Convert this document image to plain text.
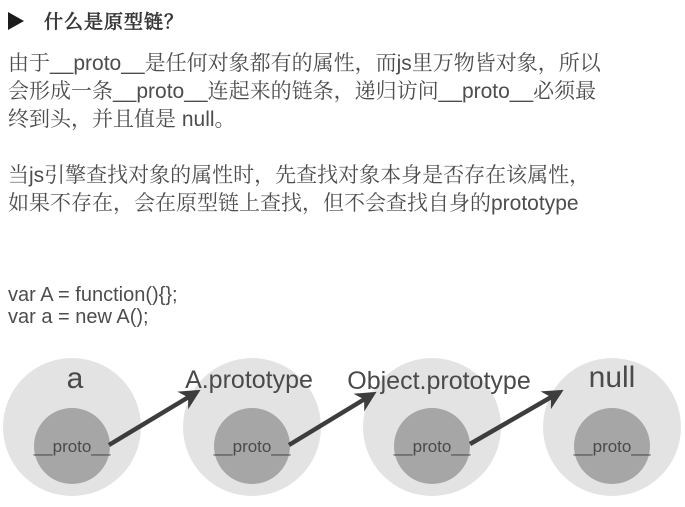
什么是原型链？
由于__proto__是任何对象都有的属性，而js里万物皆对象，所以
会形成一条__proto__连起来的链条，递归访问__proto__必须最
终到头，并且值是 null。
当js引擎查找对象的属性时，先查找对象本身是否存在该属性，
如果不存在，会在原型链上查找，但不会查找自身的prototype
var A = function(){};
var a = new A();
__proto__
a
__proto__
A.prototype
__proto__
Object.prototype
__proto__
null
